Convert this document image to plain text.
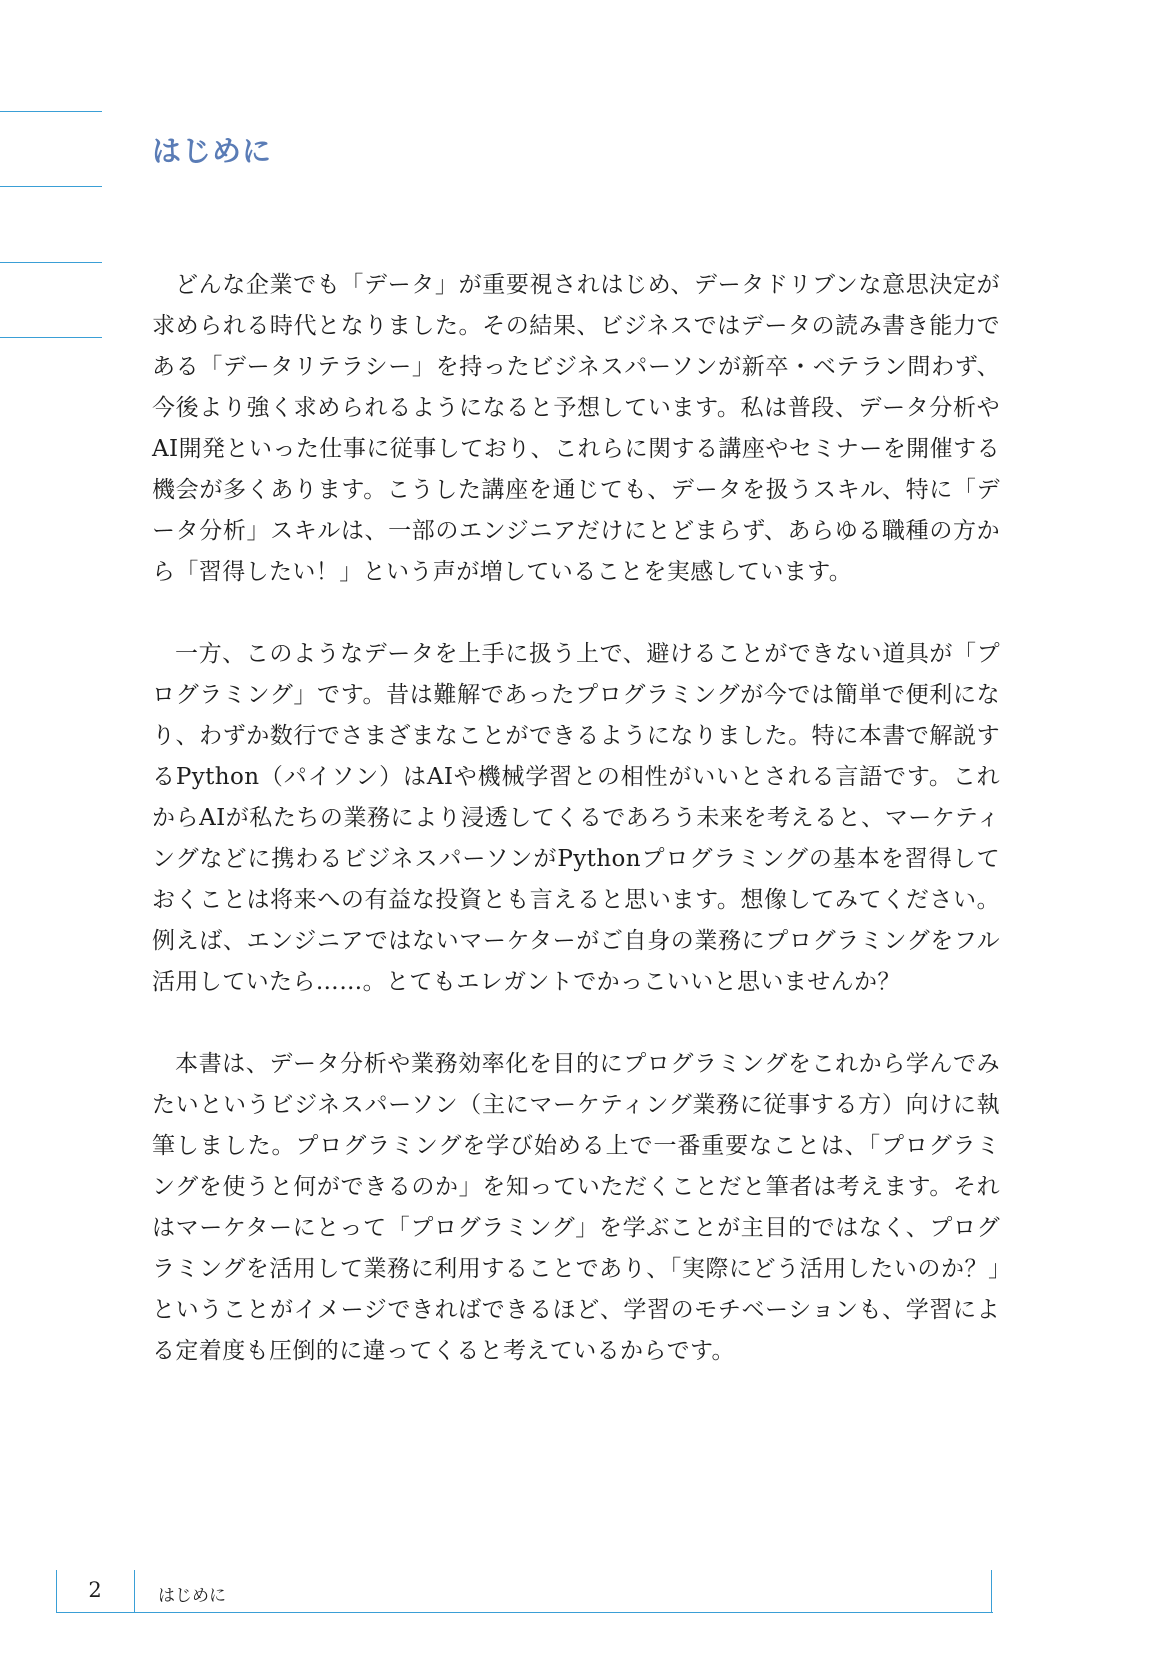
はじめに

どんな企業でも「データ」が重要視されはじめ、データドリブンな意思決定が求められる時代となりました。その結果、ビジネスではデータの読み書き能力である「データリテラシー」を持ったビジネスパーソンが新卒・ベテラン問わず、今後より強く求められるようになると予想しています。私は普段、データ分析やAI開発といった仕事に従事しており、これらに関する講座やセミナーを開催する機会が多くあります。こうした講座を通じても、データを扱うスキル、特に「データ分析」スキルは、一部のエンジニアだけにとどまらず、あらゆる職種の方から「習得したい！」という声が増していることを実感しています。

一方、このようなデータを上手に扱う上で、避けることができない道具が「プログラミング」です。昔は難解であったプログラミングが今では簡単で便利になり、わずか数行でさまざまなことができるようになりました。特に本書で解説するPython（パイソン）はAIや機械学習との相性がいいとされる言語です。これからAIが私たちの業務により浸透してくるであろう未来を考えると、マーケティングなどに携わるビジネスパーソンがPythonプログラミングの基本を習得しておくことは将来への有益な投資とも言えると思います。想像してみてください。例えば、エンジニアではないマーケターがご自身の業務にプログラミングをフル活用していたら……。とてもエレガントでかっこいいと思いませんか？

本書は、データ分析や業務効率化を目的にプログラミングをこれから学んでみたいというビジネスパーソン（主にマーケティング業務に従事する方）向けに執筆しました。プログラミングを学び始める上で一番重要なことは、「プログラミングを使うと何ができるのか」を知っていただくことだと筆者は考えます。それはマーケターにとって「プログラミング」を学ぶことが主目的ではなく、プログラミングを活用して業務に利用することであり、「実際にどう活用したいのか？」ということがイメージできればできるほど、学習のモチベーションも、学習による定着度も圧倒的に違ってくると考えているからです。

2	はじめに
